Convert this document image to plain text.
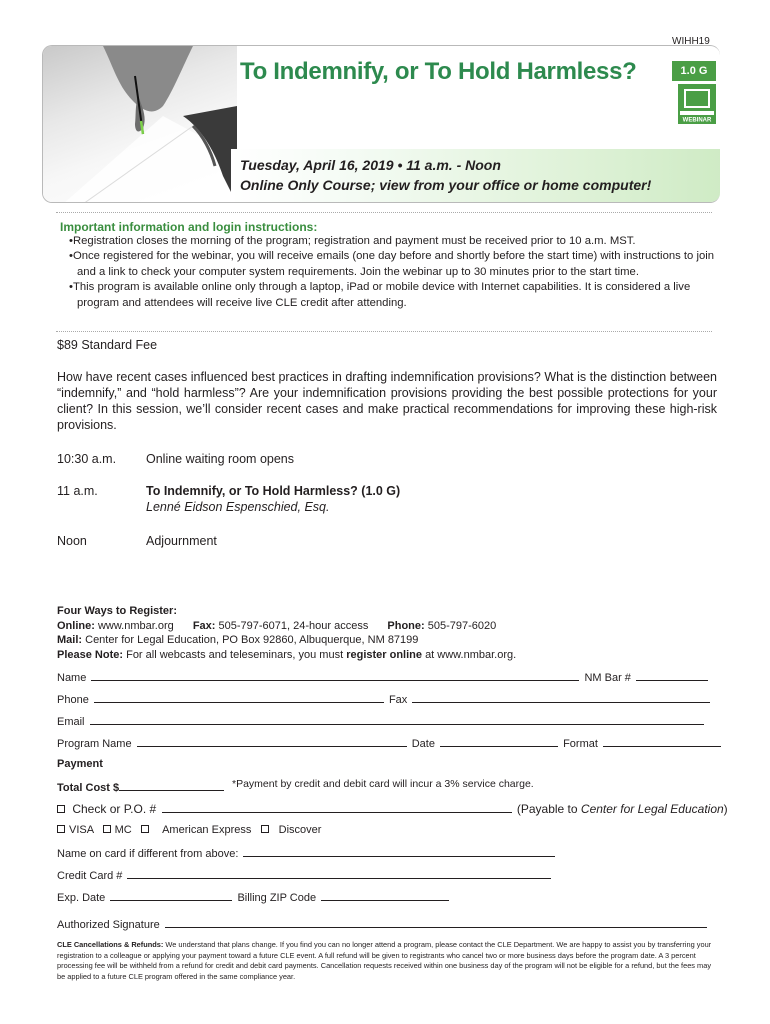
WIHH19
To Indemnify, or To Hold Harmless?	1.0 G
WEBINAR
Tuesday, April 16, 2019 • 11 a.m. - Noon
Online Only Course; view from your office or home computer!
Important information and login instructions:
• Registration closes the morning of the program; registration and payment must be received prior to 10 a.m. MST.
• Once registered for the webinar, you will receive emails (one day before and shortly before the start time) with instructions to join and a link to check your computer system requirements. Join the webinar up to 30 minutes prior to the start time.
• This program is available online only through a laptop, iPad or mobile device with Internet capabilities. It is considered a live program and attendees will receive live CLE credit after attending.
$89 Standard Fee
How have recent cases influenced best practices in drafting indemnification provisions? What is the distinction between “indemnify,” and “hold harmless”? Are your indemnification provisions providing the best possible protections for your client? In this session, we’ll consider recent cases and make practical recommendations for improving these high-risk provisions.
10:30 a.m. Online waiting room opens
11 a.m.	To Indemnify, or To Hold Harmless? (1.0 G)
Lenné Eidson Espenschied, Esq.
Noon	Adjournment
Four Ways to Register:
Online: www.nmbar.org Fax: 505-797-6071, 24-hour access Phone: 505-797-6020
Mail: Center for Legal Education, PO Box 92860, Albuquerque, NM 87199
Please Note: For all webcasts and teleseminars, you must register online at www.nmbar.org.
Name	NM Bar #
Phone	Fax
Email
Program Name	Date	Format
Payment
Total Cost $	*Payment by credit and debit card will incur a 3% service charge.
Check or P.O. #	(Payable to Center for Legal Education)
VISA MC	American Express Discover
Name on card if different from above:
Credit Card #
Exp. Date	Billing ZIP Code
Authorized Signature
CLE Cancellations & Refunds: We understand that plans change. If you find you can no longer attend a program, please contact the CLE Department. We are happy to assist you by transferring your registration to a colleague or applying your payment toward a future CLE event. A full refund will be given to registrants who cancel two or more business days before the program date. A 3 percent processing fee will be withheld from a refund for credit and debit card payments. Cancellation requests received within one business day of the program will not be eligible for a refund, but the fees may be applied to a future CLE program offered in the same compliance year.
